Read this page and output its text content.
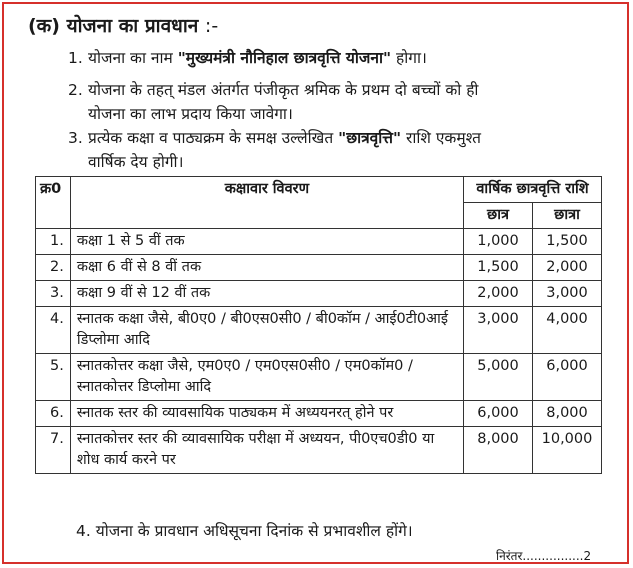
(क) योजना का प्रावधान :-
1. योजना का नाम "मुख्यमंत्री नौनिहाल छात्रवृत्ति योजना" होगा।
2. योजना के तहत् मंडल अंतर्गत पंजीकृत श्रमिक के प्रथम दो बच्चों को ही
योजना का लाभ प्रदाय किया जावेगा।
3. प्रत्येक कक्षा व पाठ्यक्रम के समक्ष उल्लेखित "छात्रवृत्ति" राशि एकमुश्त
वार्षिक देय होगी।
क्र0	कक्षावार विवरण	वार्षिक छात्रवृत्ति राशि	
		छात्र	छात्रा
1.	कक्षा 1 से 5 वीं तक	1,000	1,500
2.	कक्षा 6 वीं से 8 वीं तक	1,500	2,000
3.	कक्षा 9 वीं से 12 वीं तक	2,000	3,000
4.	स्नातक कक्षा जैसे, बी0ए0 / बी0एस0सी0 / बी0कॉम / आई0टी0आई डिप्लोमा आदि	3,000	4,000
5.	स्नातकोत्तर कक्षा जैसे, एम0ए0 / एम0एस0सी0 / एम0कॉम0 / स्नातकोत्तर डिप्लोमा आदि	5,000	6,000
6.	स्नातक स्तर की व्यावसायिक पाठ्यकम में अध्ययनरत् होने पर	6,000	8,000
7.	स्नातकोत्तर स्तर की व्यावसायिक परीक्षा में अध्ययन, पी0एच0डी0 या शोध कार्य करने पर	8,000	10,000
4. योजना के प्रावधान अधिसूचना दिनांक से प्रभावशील होंगे।
निरंतर................2
